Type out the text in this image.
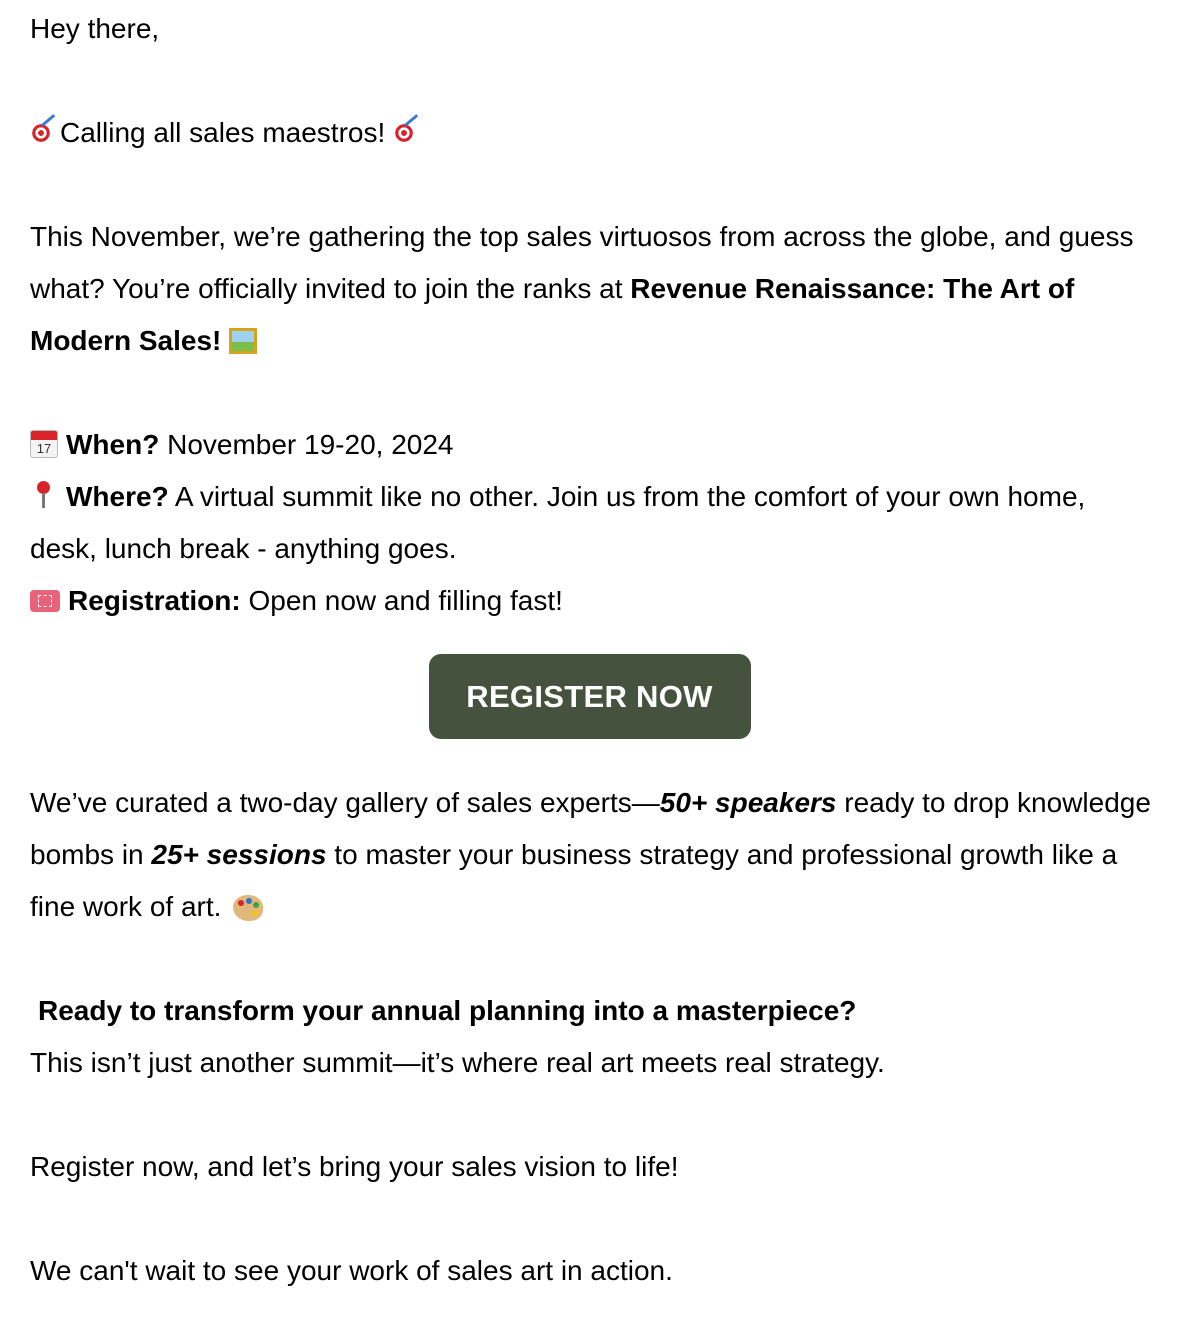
Hey there,

Calling all sales maestros!

This November, we’re gathering the top sales virtuosos from across the globe, and guess what? You’re officially invited to join the ranks at Revenue Renaissance: The Art of Modern Sales!

17When? November 19-20, 2024

Where? A virtual summit like no other. Join us from the comfort of your own home, desk, lunch break - anything goes.

Registration: Open now and filling fast!

REGISTER NOW

We’ve curated a two-day gallery of sales experts—50+ speakers ready to drop knowledge bombs in 25+ sessions to master your business strategy and professional growth like a fine work of art.

Ready to transform your annual planning into a masterpiece?

This isn’t just another summit—it’s where real art meets real strategy.

Register now, and let’s bring your sales vision to life!

We can't wait to see your work of sales art in action.
